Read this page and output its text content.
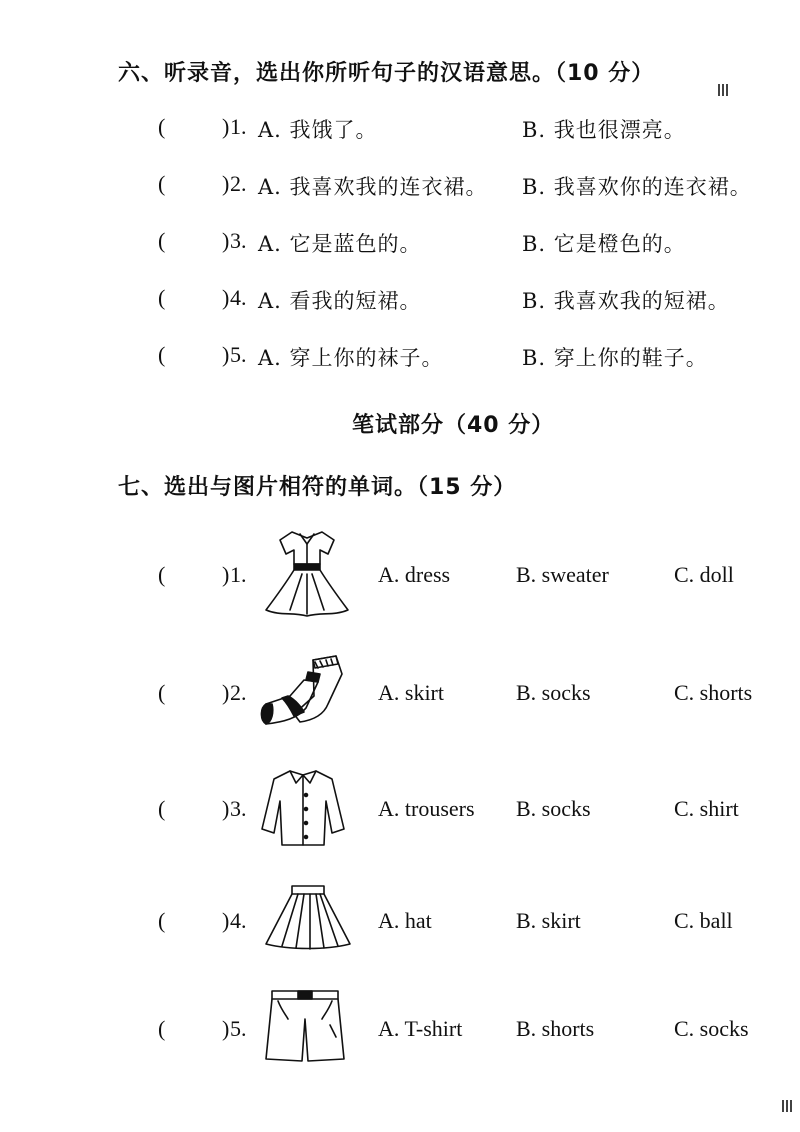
六、听录音，选出你所听句子的汉语意思。（10 分）
(	) 1. A. 我饿了。	B. 我也很漂亮。
(	) 2. A. 我喜欢我的连衣裙。 B. 我喜欢你的连衣裙。
(	) 3. A. 它是蓝色的。	B. 它是橙色的。
(	) 4. A. 看我的短裙。	B. 我喜欢我的短裙。
(	) 5. A. 穿上你的袜子。	B. 穿上你的鞋子。
笔试部分（40 分）
七、选出与图片相符的单词。（15 分）
(	) 1.	A. dress	B. sweater	C. doll
(	) 2.	A. skirt	B. socks	C. shorts
(	) 3.	A. trousers B. socks	C. shirt
(	) 4.	A. hat	B. skirt	C. ball
(	) 5.	A. T-shirt B. shorts	C. socks
